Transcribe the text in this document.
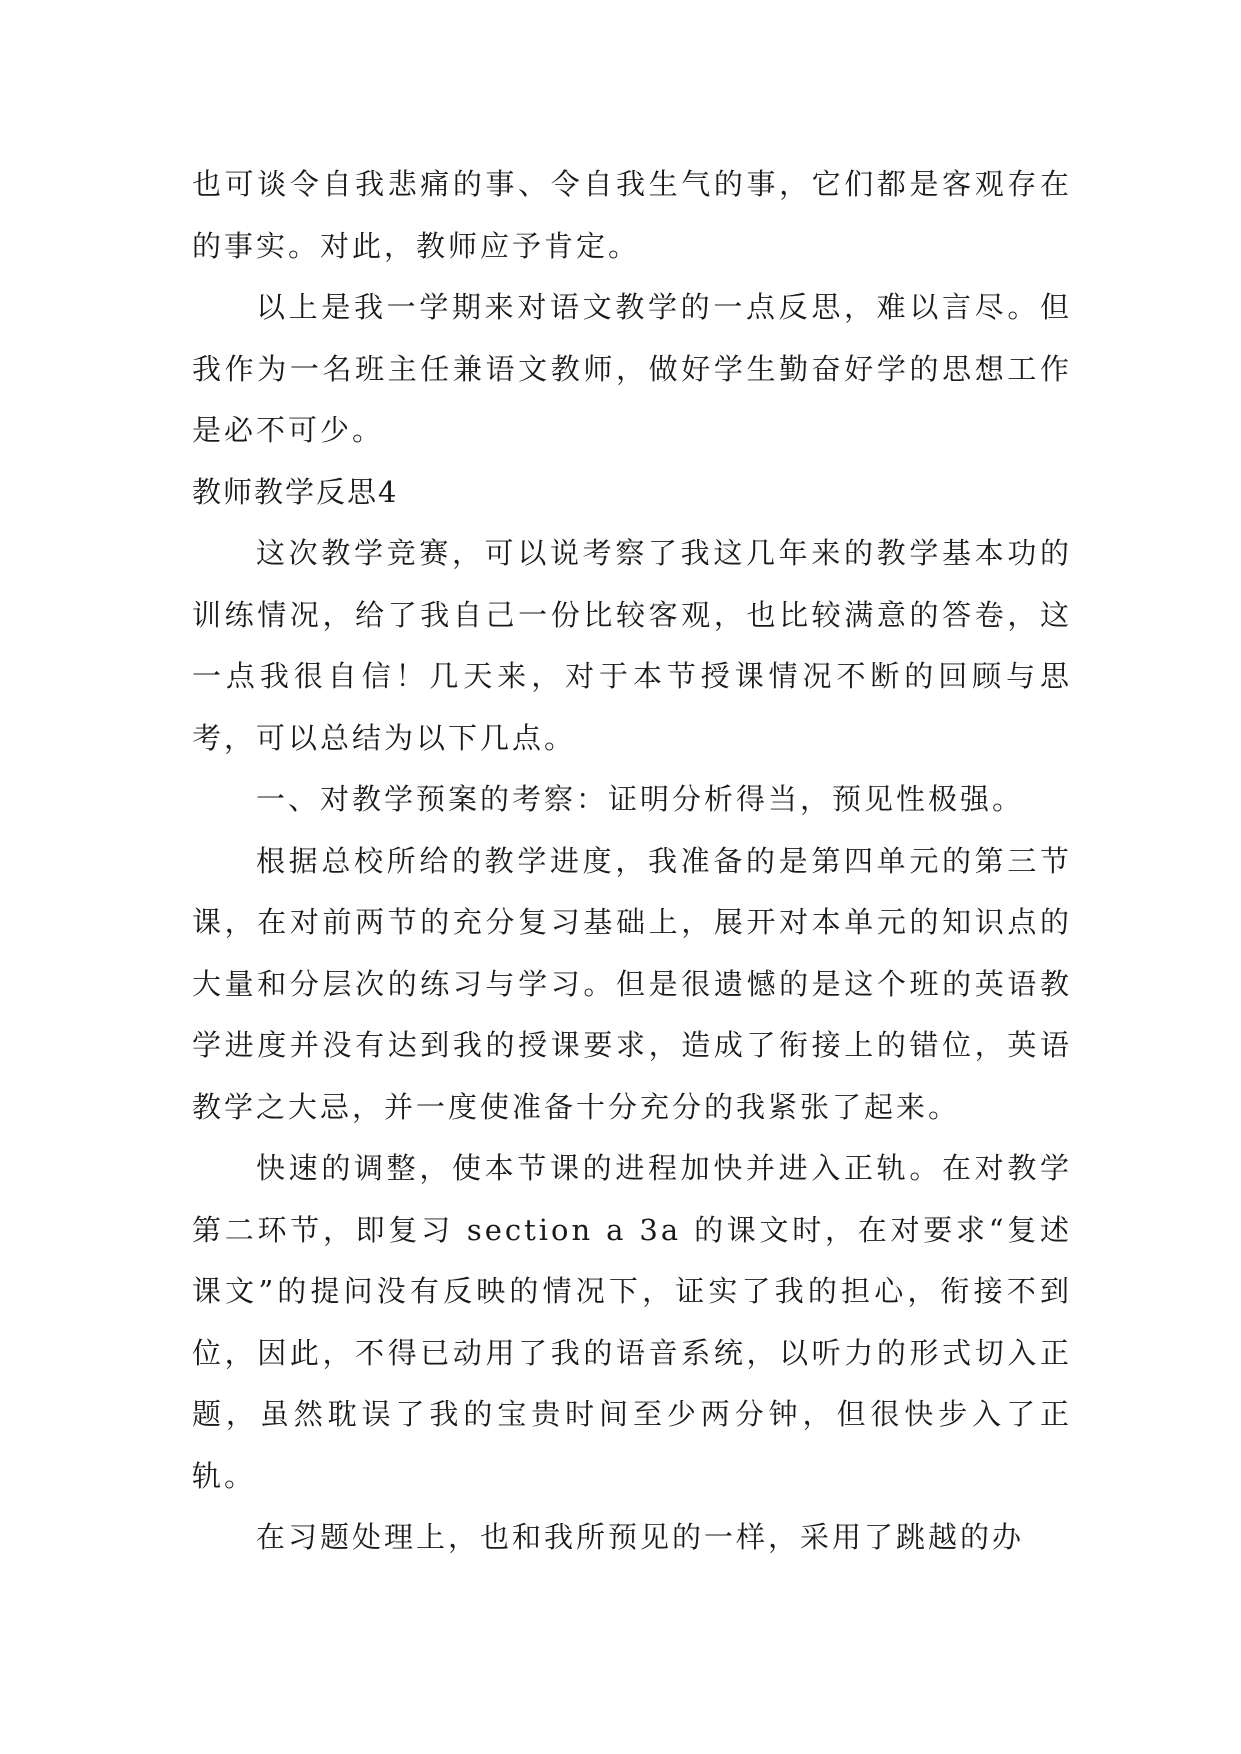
也可谈令自我悲痛的事、令自我生气的事，它们都是客观存在的事实。对此，教师应予肯定。

以上是我一学期来对语文教学的一点反思，难以言尽。但我作为一名班主任兼语文教师，做好学生勤奋好学的思想工作是必不可少。

教师教学反思4

这次教学竞赛，可以说考察了我这几年来的教学基本功的训练情况，给了我自己一份比较客观，也比较满意的答卷，这一点我很自信！几天来，对于本节授课情况不断的回顾与思考，可以总结为以下几点。

一、对教学预案的考察：证明分析得当，预见性极强。

根据总校所给的教学进度，我准备的是第四单元的第三节课，在对前两节的充分复习基础上，展开对本单元的知识点的大量和分层次的练习与学习。但是很遗憾的是这个班的英语教学进度并没有达到我的授课要求，造成了衔接上的错位，英语教学之大忌，并一度使准备十分充分的我紧张了起来。

快速的调整，使本节课的进程加快并进入正轨。在对教学第二环节，即复习 section a 3a 的课文时，在对要求“复述课文”的提问没有反映的情况下，证实了我的担心，衔接不到位，因此，不得已动用了我的语音系统，以听力的形式切入正题，虽然耽误了我的宝贵时间至少两分钟，但很快步入了正轨。

在习题处理上，也和我所预见的一样，采用了跳越的办
